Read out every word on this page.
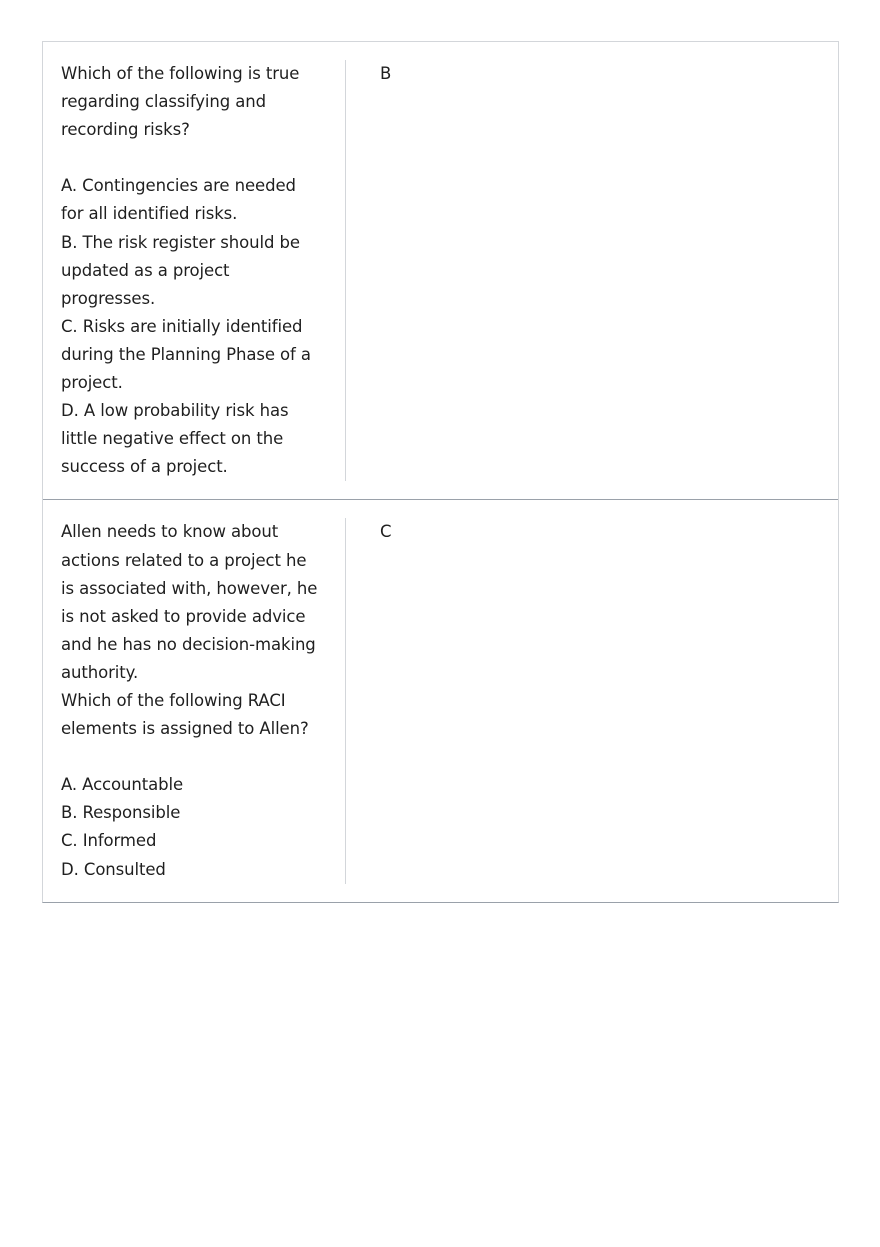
Which of the following is true
regarding classifying and
recording risks?
A. Contingencies are needed
for all identified risks.
B. The risk register should be
updated as a project
progresses.
C. Risks are initially identified
during the Planning Phase of a
project.
D. A low probability risk has
little negative effect on the
success of a project.
B
Allen needs to know about
actions related to a project he
is associated with, however, he
is not asked to provide advice
and he has no decision-making
authority.
Which of the following RACI
elements is assigned to Allen?
A. Accountable
B. Responsible
C. Informed
D. Consulted
C
